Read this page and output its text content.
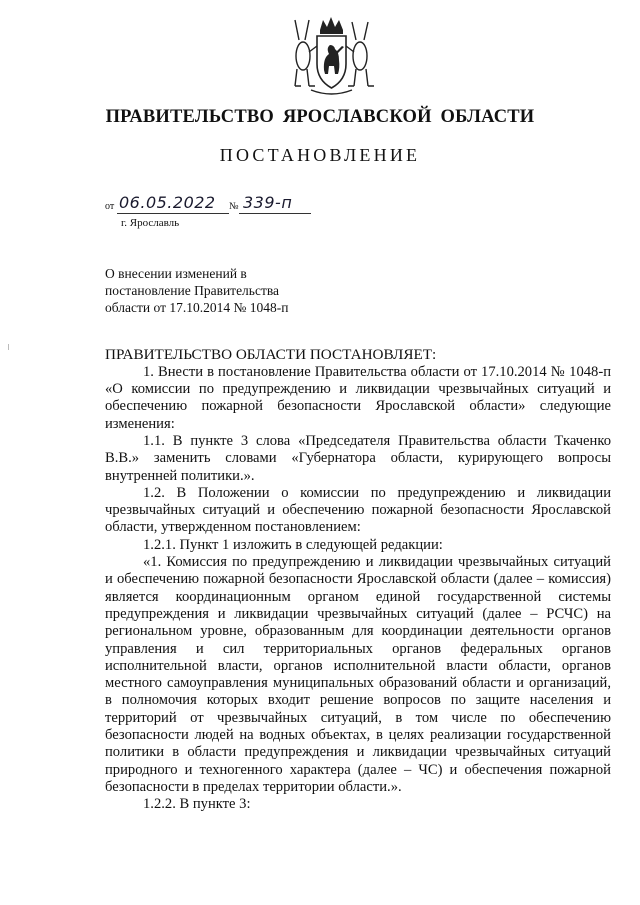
ПРАВИТЕЛЬСТВО ЯРОСЛАВСКОЙ ОБЛАСТИ
ПОСТАНОВЛЕНИЕ
от 06.05.2022 № 339-п
г. Ярославль
О внесении изменений в
постановление Правительства
области от 17.10.2014 № 1048-п

ПРАВИТЕЛЬСТВО ОБЛАСТИ ПОСТАНОВЛЯЕТ:

1. Внести в постановление Правительства области от 17.10.2014 № 1048-п «О комиссии по предупреждению и ликвидации чрезвычайных ситуаций и обеспечению пожарной безопасности Ярославской области» следующие изменения:

1.1. В пункте 3 слова «Председателя Правительства области Ткаченко В.В.» заменить словами «Губернатора области, курирующего вопросы внутренней политики.».

1.2. В Положении о комиссии по предупреждению и ликвидации чрезвычайных ситуаций и обеспечению пожарной безопасности Ярославской области, утвержденном постановлением:

1.2.1. Пункт 1 изложить в следующей редакции:

«1. Комиссия по предупреждению и ликвидации чрезвычайных ситуаций и обеспечению пожарной безопасности Ярославской области (далее – комиссия) является координационным органом единой государственной системы предупреждения и ликвидации чрезвычайных ситуаций (далее – РСЧС) на региональном уровне, образованным для координации деятельности органов управления и сил территориальных органов федеральных органов исполнительной власти, органов исполнительной власти области, органов местного самоуправления муниципальных образований области и организаций, в полномочия которых входит решение вопросов по защите населения и территорий от чрезвычайных ситуаций, в том числе по обеспечению безопасности людей на водных объектах, в целях реализации государственной политики в области предупреждения и ликвидации чрезвычайных ситуаций природного и техногенного характера (далее – ЧС) и обеспечения пожарной безопасности в пределах территории области.».

1.2.2. В пункте 3:
